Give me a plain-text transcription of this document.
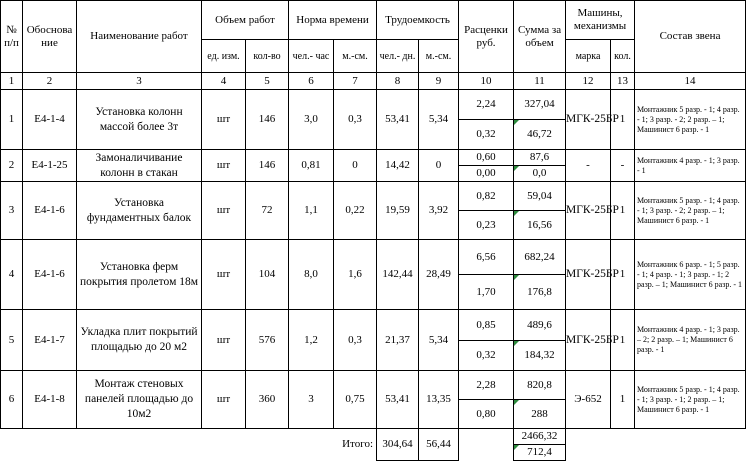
№ п/п	Обоснова ние	Наименование работ	Объем работ		Норма времени		Трудоемкость		Расценки руб.	Сумма за объем	Машины, механизмы		Состав звена
			ед. изм.	кол-во	чел.- час	м.-см.	чел.- дн.	м.-см.			марка	кол.	
1	2	3	4	5	6	7	8	9	10	11	12	13	14
1	Е4-1-4	Установка колонн массой более 3т	шт	146	3,0	0,3	53,41	5,34	2,24	327,04	МГК-25БР	1	Монтажник 5 разр. - 1; 4 разр. - 1; 3 разр. - 2; 2 разр. – 1; Машинист 6 разр. - 1
									0,32	46,72			
2	Е4-1-25	Замоналичивание колонн в стакан	шт	146	0,81	0	14,42	0	0,60	87,6	-	-	Монтажник 4 разр. - 1; 3 разр. - 1
									0,00	0,0			
3	Е4-1-6	Установка фундаментных балок	шт	72	1,1	0,22	19,59	3,92	0,82	59,04	МГК-25БР	1	Монтажник 5 разр. - 1; 4 разр. - 1; 3 разр. - 2; 2 разр. – 1; Машинист 6 разр. - 1
									0,23	16,56			
4	Е4-1-6	Установка ферм покрытия пролетом 18м	шт	104	8,0	1,6	142,44	28,49	6,56	682,24	МГК-25БР	1	Монтажник 6 разр. - 1; 5 разр. - 1; 4 разр. - 1; 3 разр. - 1; 2 разр. – 1; Машинист 6 разр. - 1
									1,70	176,8			
5	Е4-1-7	Укладка плит покрытий площадью до 20 м2	шт	576	1,2	0,3	21,37	5,34	0,85	489,6	МГК-25БР	1	Монтажник 4 разр. - 1; 3 разр. – 2; 2 разр. – 1; Машинист 6 разр. - 1
									0,32	184,32			
6	Е4-1-8	Монтаж стеновых панелей площадью до 10м2	шт	360	3	0,75	53,41	13,35	2,28	820,8	Э-652	1	Монтажник 5 разр. - 1; 4 разр. - 1; 3 разр. - 1; 2 разр. – 1; Машинист 6 разр. - 1
									0,80	288			
Итого:							304,64	56,44		2466,32			
										712,4			
